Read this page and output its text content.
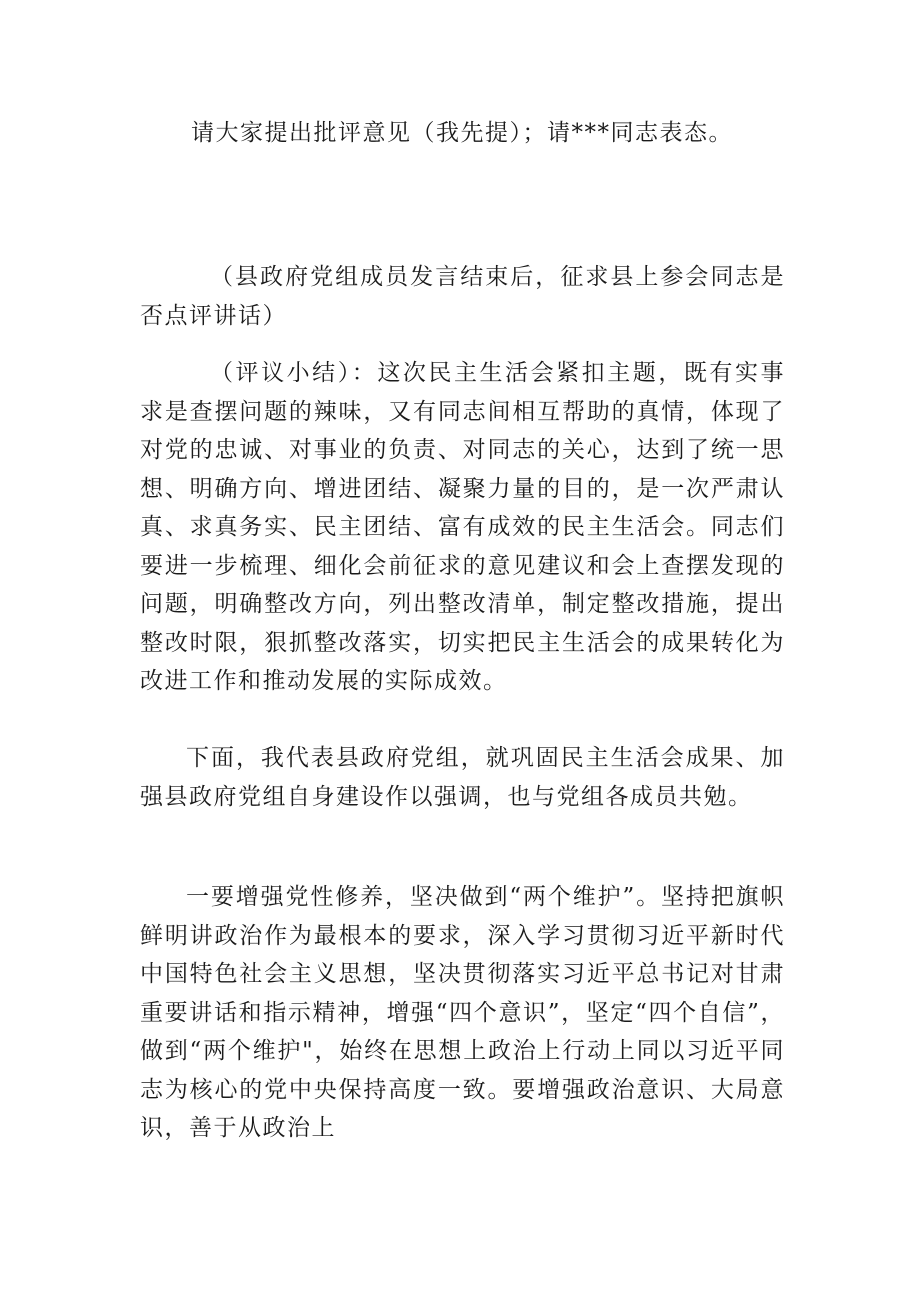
请大家提出批评意见（我先提）；请***同志表态。

（县政府党组成员发言结束后，征求县上参会同志是否点评讲话）

（评议小结）：这次民主生活会紧扣主题，既有实事求是查摆问题的辣味，又有同志间相互帮助的真情，体现了对党的忠诚、对事业的负责、对同志的关心，达到了统一思想、明确方向、增进团结、凝聚力量的目的，是一次严肃认真、求真务实、民主团结、富有成效的民主生活会。同志们要进一步梳理、细化会前征求的意见建议和会上查摆发现的问题，明确整改方向，列出整改清单，制定整改措施，提出整改时限，狠抓整改落实，切实把民主生活会的成果转化为改进工作和推动发展的实际成效。

下面，我代表县政府党组，就巩固民主生活会成果、加强县政府党组自身建设作以强调，也与党组各成员共勉。

一要增强党性修养，坚决做到“两个维护”。坚持把旗帜鲜明讲政治作为最根本的要求，深入学习贯彻习近平新时代中国特色社会主义思想，坚决贯彻落实习近平总书记对甘肃重要讲话和指示精神，增强“四个意识”，坚定“四个自信”，做到“两个维护"，始终在思想上政治上行动上同以习近平同志为核心的党中央保持高度一致。要增强政治意识、大局意识，善于从政治上
